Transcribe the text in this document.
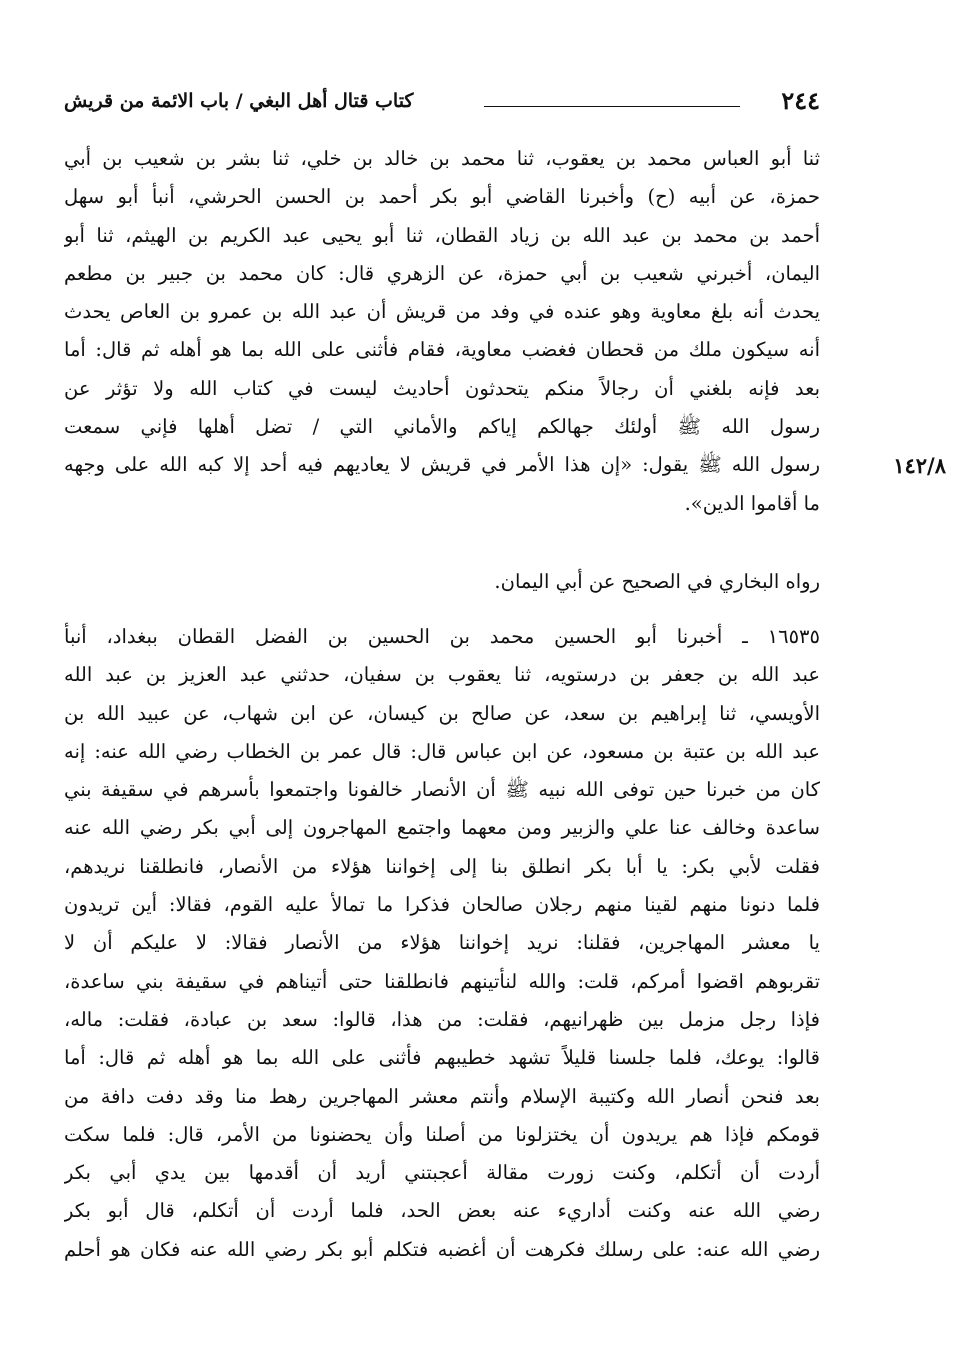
٢٤٤
كتاب قتال أهل البغي / باب الائمة من قريش
١٤٢/٨
ثنا أبو العباس محمد بن يعقوب، ثنا محمد بن خالد بن خلي، ثنا بشر بن شعيب بن أبي
حمزة، عن أبيه (ح) وأخبرنا القاضي أبو بكر أحمد بن الحسن الحرشي، أنبأ أبو سهل
أحمد بن محمد بن عبد الله بن زياد القطان، ثنا أبو يحيى عبد الكريم بن الهيثم، ثنا أبو
اليمان، أخبرني شعيب بن أبي حمزة، عن الزهري قال: كان محمد بن جبير بن مطعم
يحدث أنه بلغ معاوية وهو عنده في وفد من قريش أن عبد الله بن عمرو بن العاص يحدث
أنه سيكون ملك من قحطان فغضب معاوية، فقام فأثنى على الله بما هو أهله ثم قال: أما
بعد فإنه بلغني أن رجالاً منكم يتحدثون أحاديث ليست في كتاب الله ولا تؤثر عن
رسول الله ﷺ أولئك جهالكم إياكم والأماني التي / تضل أهلها فإني سمعت
رسول الله ﷺ يقول: «إن هذا الأمر في قريش لا يعاديهم فيه أحد إلا كبه الله على وجهه
ما أقاموا الدين».
رواه البخاري في الصحيح عن أبي اليمان.
١٦٥٣٥ ـ أخبرنا أبو الحسين محمد بن الحسين بن الفضل القطان ببغداد، أنبأ
عبد الله بن جعفر بن درستويه، ثنا يعقوب بن سفيان، حدثني عبد العزيز بن عبد الله
الأويسي، ثنا إبراهيم بن سعد، عن صالح بن كيسان، عن ابن شهاب، عن عبيد الله بن
عبد الله بن عتبة بن مسعود، عن ابن عباس قال: قال عمر بن الخطاب رضي الله عنه: إنه
كان من خبرنا حين توفى الله نبيه ﷺ أن الأنصار خالفونا واجتمعوا بأسرهم في سقيفة بني
ساعدة وخالف عنا علي والزبير ومن معهما واجتمع المهاجرون إلى أبي بكر رضي الله عنه
فقلت لأبي بكر: يا أبا بكر انطلق بنا إلى إخواننا هؤلاء من الأنصار، فانطلقنا نريدهم،
فلما دنونا منهم لقينا منهم رجلان صالحان فذكرا ما تمالأ عليه القوم، فقالا: أين تريدون
يا معشر المهاجرين، فقلنا: نريد إخواننا هؤلاء من الأنصار فقالا: لا عليكم أن لا
تقربوهم اقضوا أمركم، قلت: والله لنأتينهم فانطلقنا حتى أتيناهم في سقيفة بني ساعدة،
فإذا رجل مزمل بين ظهرانيهم، فقلت: من هذا، قالوا: سعد بن عبادة، فقلت: ماله،
قالوا: يوعك، فلما جلسنا قليلاً تشهد خطيبهم فأثنى على الله بما هو أهله ثم قال: أما
بعد فنحن أنصار الله وكتيبة الإسلام وأنتم معشر المهاجرين رهط منا وقد دفت دافة من
قومكم فإذا هم يريدون أن يختزلونا من أصلنا وأن يحضنونا من الأمر، قال: فلما سكت
أردت أن أتكلم، وكنت زورت مقالة أعجبتني أريد أن أقدمها بين يدي أبي بكر
رضي الله عنه وكنت أداريء عنه بعض الحد، فلما أردت أن أتكلم، قال أبو بكر
رضي الله عنه: على رسلك فكرهت أن أغضبه فتكلم أبو بكر رضي الله عنه فكان هو أحلم
